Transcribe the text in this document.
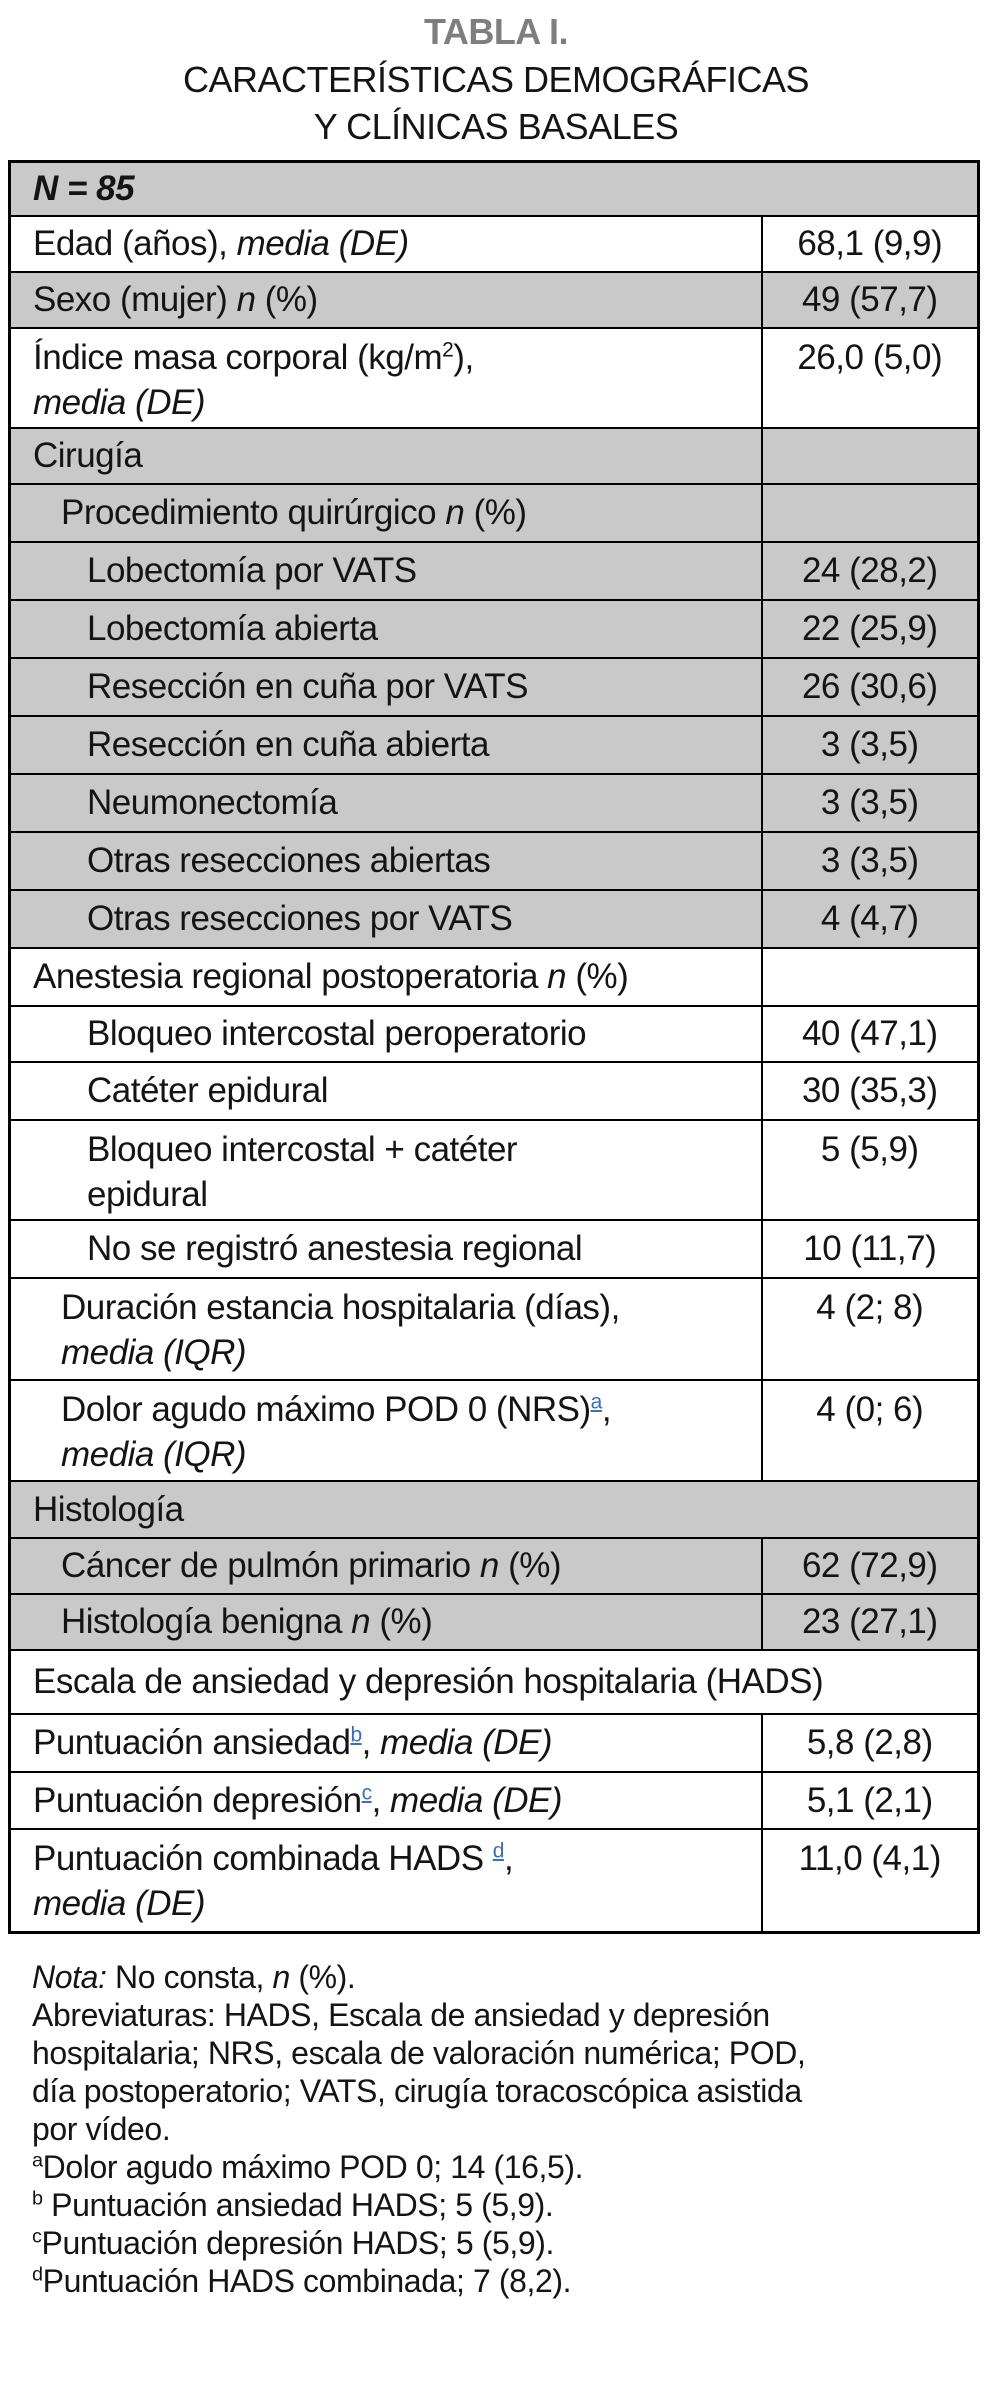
TABLA I.
CARACTERÍSTICAS DEMOGRÁFICAS
Y CLÍNICAS BASALES
N = 85	

Edad (años), media (DE)	68,1 (9,9)

Sexo (mujer) n (%)	49 (57,7)

Índice masa corporal $(kg/m^2)$,
media (DE)	26,0 (5,0)

Cirugía	

Procedimiento quirúrgico n (%)	

Lobectomía por VATS	24 (28,2)

Lobectomía abierta	22 (25,9)

Resección en cuña por VATS	26 (30,6)

Resección en cuña abierta	3 (3,5)

Neumonectomía	3 (3,5)

Otras resecciones abiertas	3 (3,5)

Otras resecciones por VATS	4 (4,7)

Anestesia regional postoperatoria n (%)	

Bloqueo intercostal peroperatorio	40 (47,1)

Catéter epidural	30 (35,3)

Bloqueo intercostal + catéter
epidural	5 (5,9)

No se registró anestesia regional	10 (11,7)

Duración estancia hospitalaria (días),
media (IQR)	4 (2; 8)

Dolor agudo máximo POD 0 (NRS)$^a$,
media (IQR)	4 (0; 6)

Histología	

Cáncer de pulmón primario n (%)	62 (72,9)

Histología benigna n (%)	23 (27,1)

Escala de ansiedad y depresión hospitalaria (HADS)	

Puntuación ansiedad$^b$, media (DE)	5,8 (2,8)

Puntuación depresión$^c$, media (DE)	5,1 (2,1)

Puntuación combinada HADS $^d$,
media (DE)	11,0 (4,1)
Nota: No consta, n (%).
Abreviaturas: HADS, Escala de ansiedad y depresión
hospitalaria; NRS, escala de valoración numérica; POD,
día postoperatorio; VATS, cirugía toracoscópica asistida
por vídeo.
$^a$Dolor agudo máximo POD 0; 14 (16,5).
$^b$ Puntuación ansiedad HADS; 5 (5,9).
$^c$Puntuación depresión HADS; 5 (5,9).
$^d$Puntuación HADS combinada; 7 (8,2).
